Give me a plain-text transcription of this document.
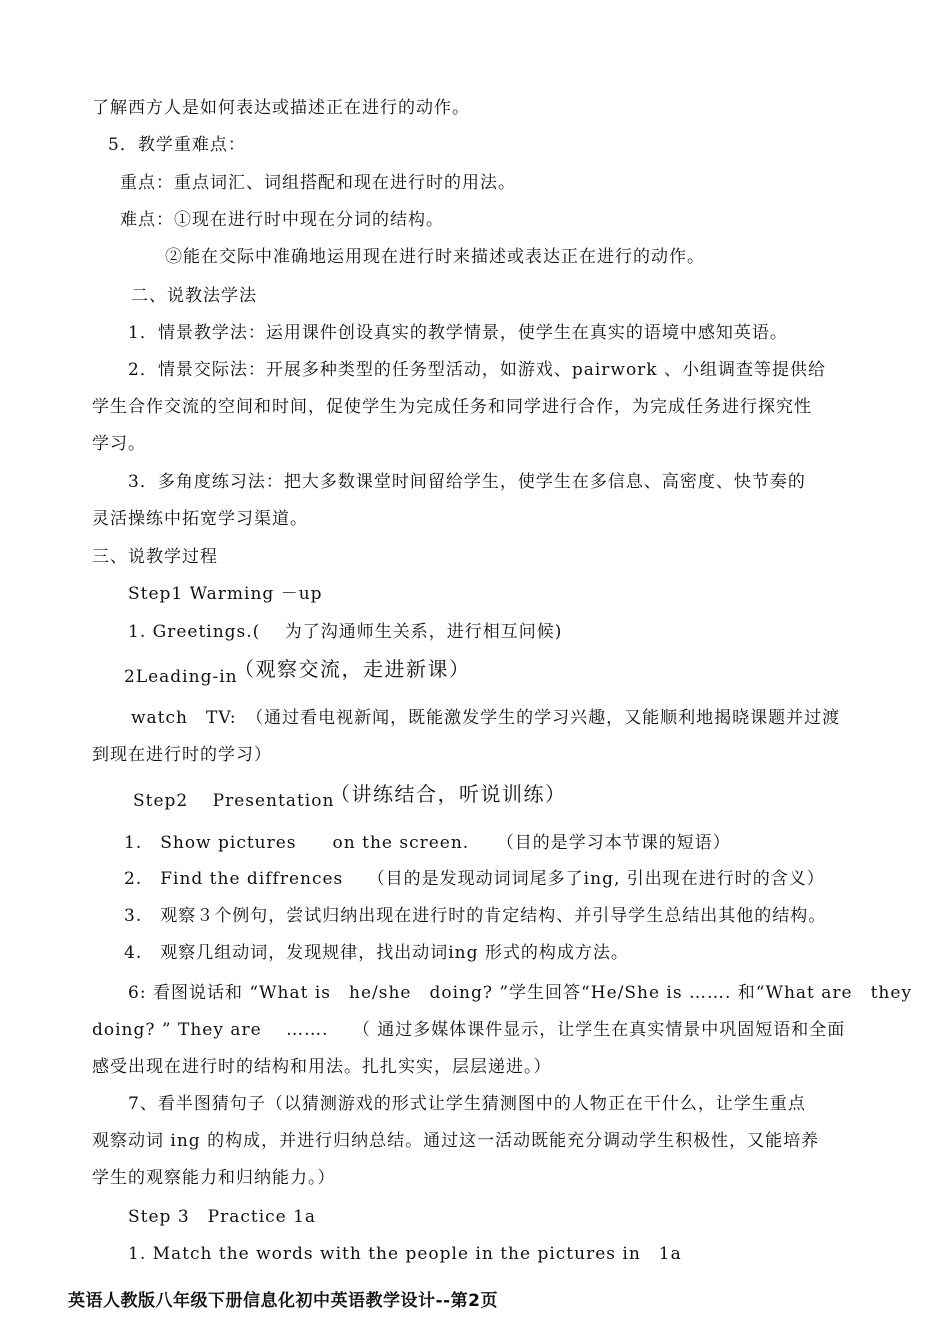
了解西方人是如何表达或描述正在进行的动作。
5．教学重难点：
重点：重点词汇、词组搭配和现在进行时的用法。
难点：①现在进行时中现在分词的结构。
②能在交际中准确地运用现在进行时来描述或表达正在进行的动作。
二、说教法学法
1．情景教学法：运用课件创设真实的教学情景，使学生在真实的语境中感知英语。
2．情景交际法：开展多种类型的任务型活动，如游戏、pairwork 、小组调查等提供给
学生合作交流的空间和时间，促使学生为完成任务和同学进行合作，为完成任务进行探究性
学习。
3．多角度练习法：把大多数课堂时间留给学生，使学生在多信息、高密度、快节奏的
灵活操练中拓宽学习渠道。
三、说教学过程
Step1 Warming －up
1. Greetings.(　 为了沟通师生关系，进行相互问候)
2Leading-in
（观察交流，走进新课）
watch　TV:　（通过看电视新闻，既能激发学生的学习兴趣，又能顺利地揭晓课题并过渡
到现在进行时的学习）
Step2　 Presentation
（讲练结合，听说训练）
1.　Show pictures　　on the screen.　　（目的是学习本节课的短语）
2.　Find the diffrences　 （目的是发现动词词尾多了ing, 引出现在进行时的含义）
3.　观察３个例句，尝试归纳出现在进行时的肯定结构、并引导学生总结出其他的结构。
4.　观察几组动词，发现规律，找出动词ing 形式的构成方法。
6: 看图说话和 “What is　he/she　doing? ”学生回答“He/She is ……. 和“What are　they
doing? ” They are　 …….　 （ 通过多媒体课件显示，让学生在真实情景中巩固短语和全面
感受出现在进行时的结构和用法。扎扎实实，层层递进。）
7、看半图猜句子（以猜测游戏的形式让学生猜测图中的人物正在干什么，让学生重点
观察动词 ing 的构成，并进行归纳总结。通过这一活动既能充分调动学生积极性，又能培养
学生的观察能力和归纳能力。）
Step 3　Practice 1a
1. Match the words with the people in the pictures in　1a
英语人教版八年级下册信息化初中英语教学设计--第2页
